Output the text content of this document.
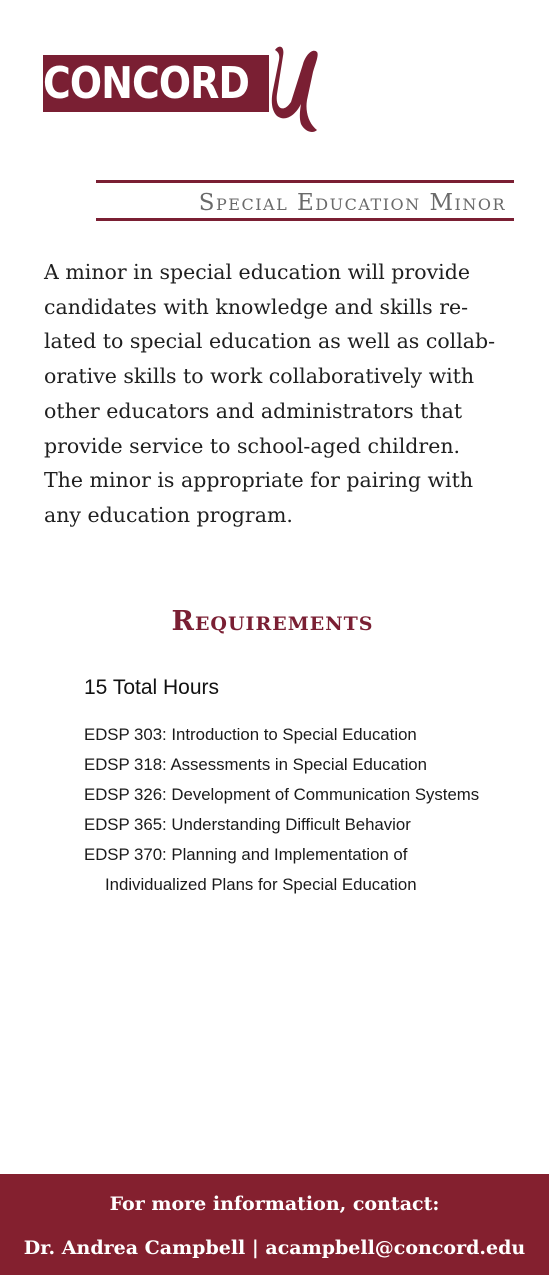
CONCORD
Special Education Minor

A minor in special education will provide
candidates with knowledge and skills re-
lated to special education as well as collab-
orative skills to work collaboratively with
other educators and administrators that
provide service to school-aged children.
The minor is appropriate for pairing with
any education program.

Requirements
15 Total Hours
EDSP 303: Introduction to Special Education
EDSP 318: Assessments in Special Education
EDSP 326: Development of Communication Systems
EDSP 365: Understanding Difficult Behavior
EDSP 370: Planning and Implementation of Individualized Plans for Special Education
For more information, contact:
Dr. Andrea Campbell | acampbell@concord.edu
